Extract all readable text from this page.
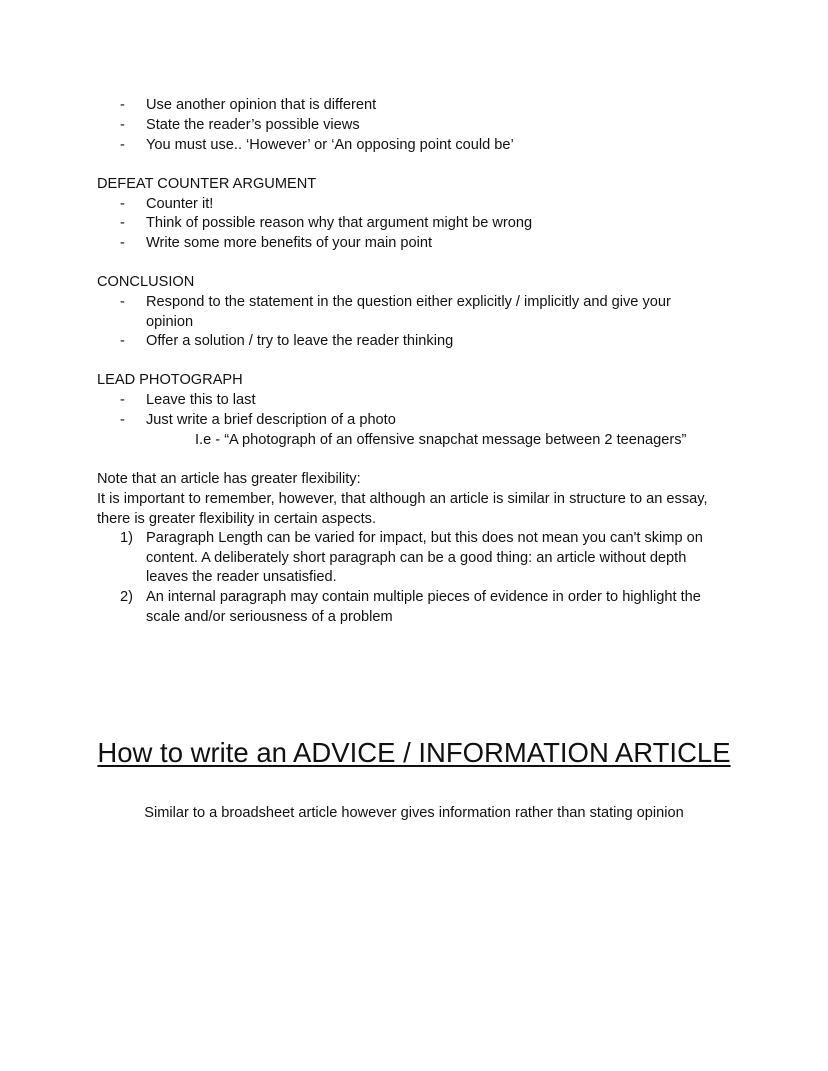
- Use another opinion that is different
- State the reader’s possible views
- You must use.. ‘However’ or ‘An opposing point could be’
DEFEAT COUNTER ARGUMENT
- Counter it!
- Think of possible reason why that argument might be wrong
- Write some more benefits of your main point
CONCLUSION
- Respond to the statement in the question either explicitly / implicitly and give your
opinion
- Offer a solution / try to leave the reader thinking
LEAD PHOTOGRAPH
- Leave this to last
- Just write a brief description of a photo
I.e - “A photograph of an offensive snapchat message between 2 teenagers”
Note that an article has greater flexibility:
It is important to remember, however, that although an article is similar in structure to an essay,
there is greater flexibility in certain aspects.
1) Paragraph Length can be varied for impact, but this does not mean you can't skimp on
content. A deliberately short paragraph can be a good thing: an article without depth
leaves the reader unsatisfied.
2) An internal paragraph may contain multiple pieces of evidence in order to highlight the
scale and/or seriousness of a problem
How to write an ADVICE / INFORMATION ARTICLE
Similar to a broadsheet article however gives information rather than stating opinion
